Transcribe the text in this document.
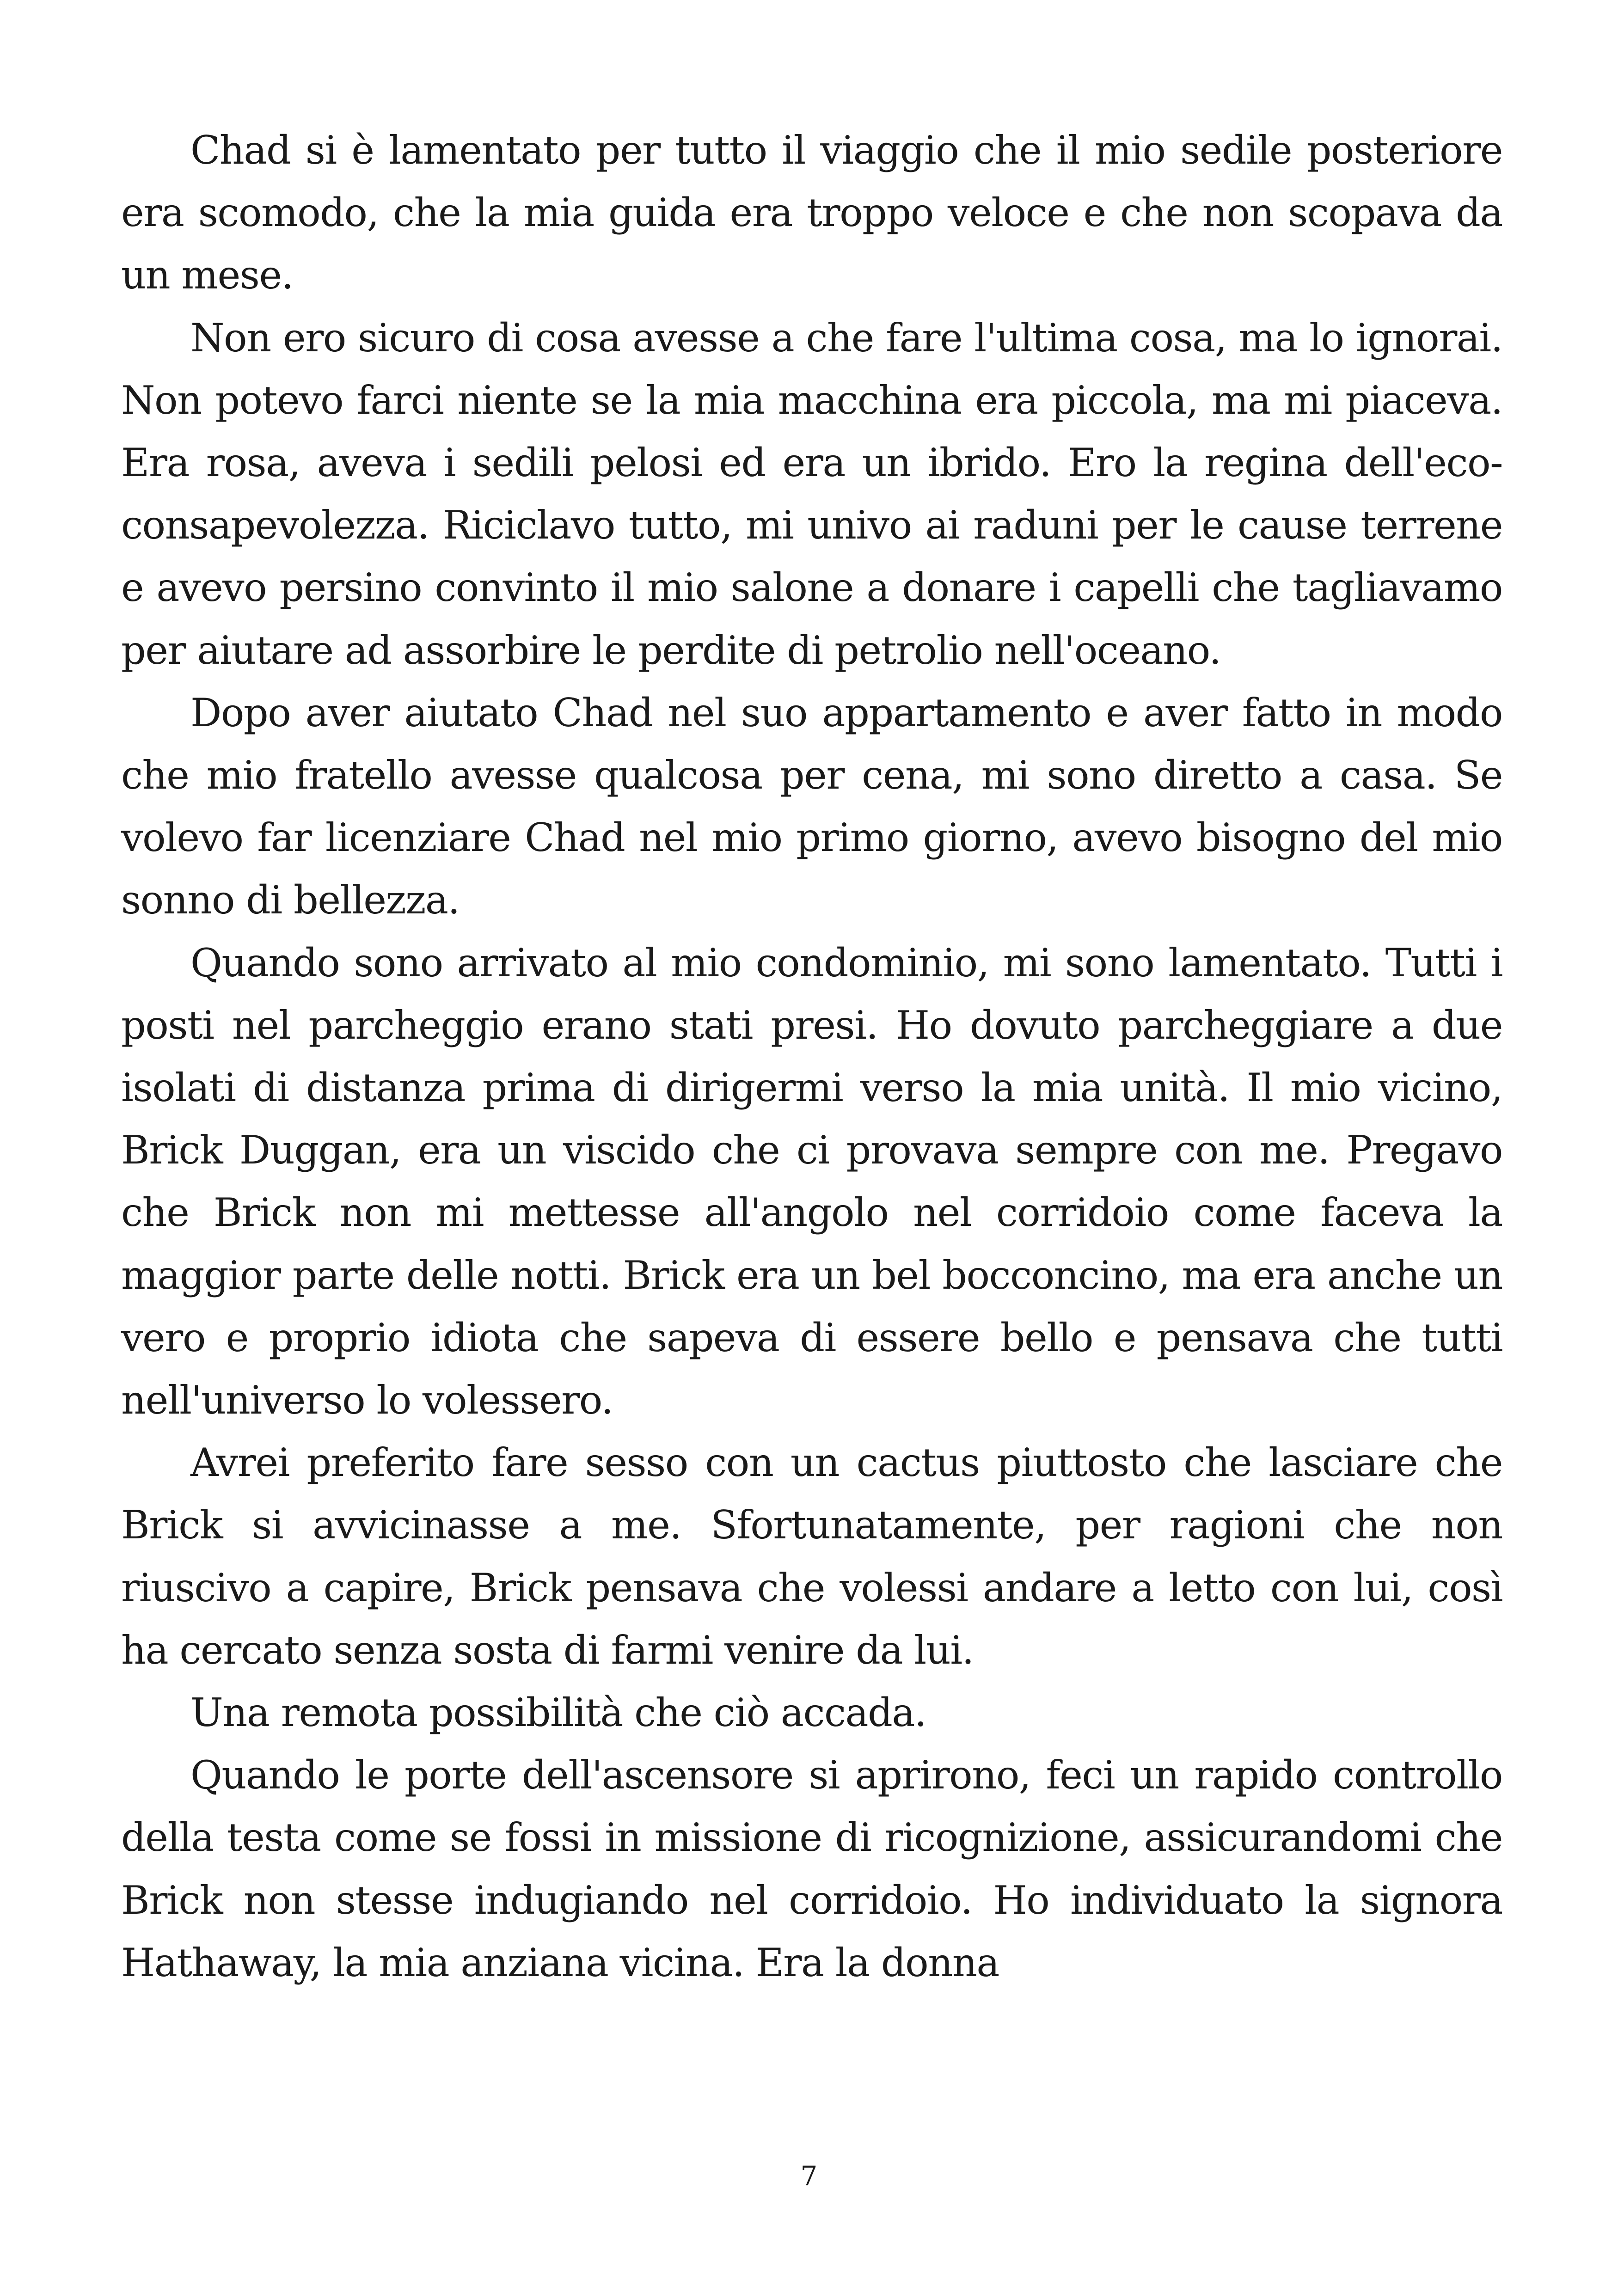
Chad si è lamentato per tutto il viaggio che il mio sedile posteriore era scomodo, che la mia guida era troppo veloce e che non scopava da un mese.

Non ero sicuro di cosa avesse a che fare l'ultima cosa, ma lo ignorai. Non potevo farci niente se la mia macchina era piccola, ma mi piaceva. Era rosa, aveva i sedili pelosi ed era un ibrido. Ero la regina dell'eco-consapevolezza. Riciclavo tutto, mi univo ai raduni per le cause terrene e avevo persino convinto il mio salone a donare i capelli che tagliavamo per aiutare ad assorbire le perdite di petrolio nell'oceano.

Dopo aver aiutato Chad nel suo appartamento e aver fatto in modo che mio fratello avesse qualcosa per cena, mi sono diretto a casa. Se volevo far licenziare Chad nel mio primo giorno, avevo bisogno del mio sonno di bellezza.

Quando sono arrivato al mio condominio, mi sono lamentato. Tutti i posti nel parcheggio erano stati presi. Ho dovuto parcheggiare a due isolati di distanza prima di dirigermi verso la mia unità. Il mio vicino, Brick Duggan, era un viscido che ci provava sempre con me. Pregavo che Brick non mi mettesse all'angolo nel corridoio come faceva la maggior parte delle notti. Brick era un bel bocconcino, ma era anche un vero e proprio idiota che sapeva di essere bello e pensava che tutti nell'universo lo volessero.

Avrei preferito fare sesso con un cactus piuttosto che lasciare che Brick si avvicinasse a me. Sfortunatamente, per ragioni che non riuscivo a capire, Brick pensava che volessi andare a letto con lui, così ha cercato senza sosta di farmi venire da lui.

Una remota possibilità che ciò accada.

Quando le porte dell'ascensore si aprirono, feci un rapido controllo della testa come se fossi in missione di ricognizione, assicurandomi che Brick non stesse indugiando nel corridoio. Ho individuato la signora Hathaway, la mia anziana vicina. Era la donna

7
